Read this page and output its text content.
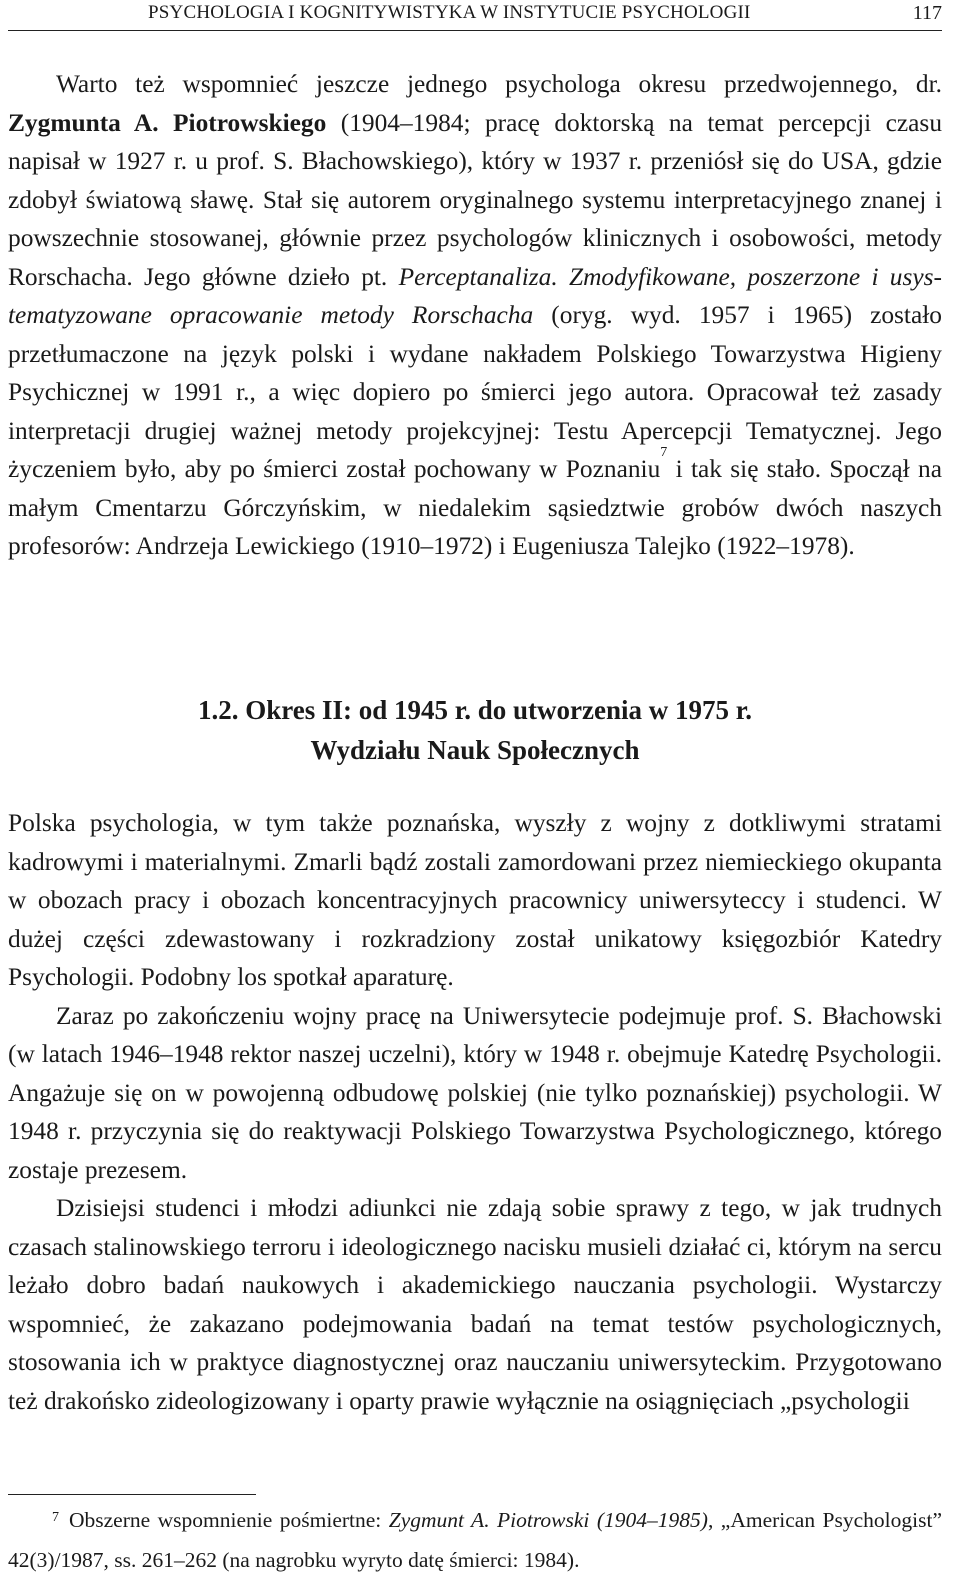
PSYCHOLOGIA I KOGNITYWISTYKA W INSTYTUCIE PSYCHOLOGII	117

Warto też wspomnieć jeszcze jednego psychologa okresu przedwojennego, dr. Zygmunta A. Piotrowskiego (1904–1984; pracę doktorską na temat percepcji czasu napisał w 1927 r. u prof. S. Błachowskiego), który w 1937 r. przeniósł się do USA, gdzie zdobył światową sławę. Stał się autorem oryginalnego systemu interpretacyjnego znanej i powszechnie stosowanej, głównie przez psychologów klinicznych i osobowości, metody Rorschacha. Jego główne dzieło pt. Perceptanaliza. Zmodyfikowane, poszerzone i usystematyzowane opracowanie metody Rorschacha (oryg. wyd. 1957 i 1965) zostało przetłumaczone na język polski i wydane nakładem Polskiego Towarzystwa Higieny Psychicznej w 1991 r., a więc dopiero po śmierci jego autora. Opracował też zasady interpretacji drugiej ważnej metody projekcyjnej: Testu Apercepcji Tematycznej. Jego życzeniem było, aby po śmierci został pochowany w Poznaniu$^7$ i tak się stało. Spoczął na małym Cmentarzu Górczyńskim, w niedalekim sąsiedztwie grobów dwóch naszych profesorów: Andrzeja Lewickiego (1910–1972) i Eugeniusza Talejko (1922–1978).

1.2. Okres II: od 1945 r. do utworzenia w 1975 r.
Wydziału Nauk Społecznych

Polska psychologia, w tym także poznańska, wyszły z wojny z dotkliwymi stratami kadrowymi i materialnymi. Zmarli bądź zostali zamordowani przez niemieckiego okupanta w obozach pracy i obozach koncentracyjnych pracownicy uniwersyteccy i studenci. W dużej części zdewastowany i rozkradziony został unikatowy księgozbiór Katedry Psychologii. Podobny los spotkał aparaturę.

Zaraz po zakończeniu wojny pracę na Uniwersytecie podejmuje prof. S. Błachowski (w latach 1946–1948 rektor naszej uczelni), który w 1948 r. obejmuje Katedrę Psychologii. Angażuje się on w powojenną odbudowę polskiej (nie tylko poznańskiej) psychologii. W 1948 r. przyczynia się do reaktywacji Polskiego Towarzystwa Psychologicznego, którego zostaje prezesem.

Dzisiejsi studenci i młodzi adiunkci nie zdają sobie sprawy z tego, w jak trudnych czasach stalinowskiego terroru i ideologicznego nacisku musieli działać ci, którym na sercu leżało dobro badań naukowych i akademickiego nauczania psychologii. Wystarczy wspomnieć, że zakazano podejmowania badań na temat testów psychologicznych, stosowania ich w praktyce diagnostycznej oraz nauczaniu uniwersyteckim. Przygotowano też drakońsko zideologizowany i oparty prawie wyłącznie na osiągnięciach „psychologii

$^7$ Obszerne wspomnienie pośmiertne: Zygmunt A. Piotrowski (1904–1985), „American Psychologist” 42(3)/1987, ss. 261–262 (na nagrobku wyryto datę śmierci: 1984).
